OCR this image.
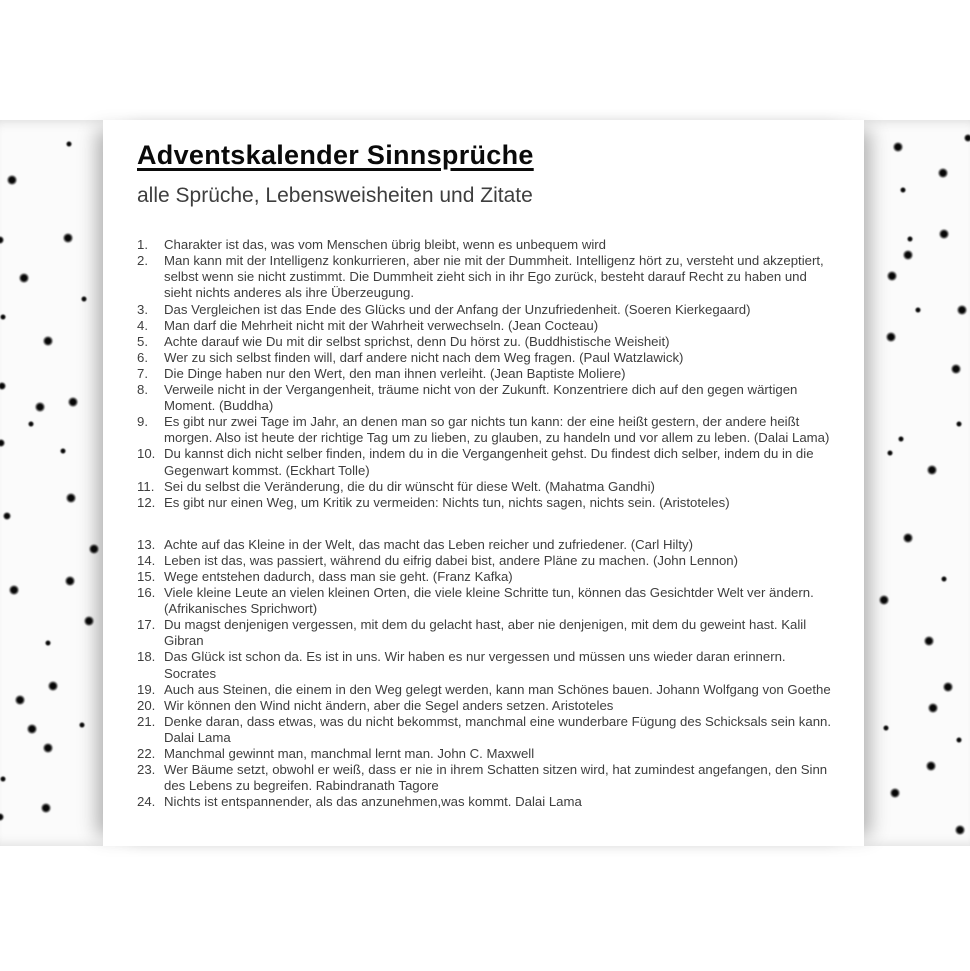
Adventskalender Sinnsprüche
alle Sprüche, Lebensweisheiten und Zitate
1.	Charakter ist das, was vom Menschen übrig bleibt, wenn es unbequem wird
2.	Man kann mit der Intelligenz konkurrieren, aber nie mit der Dummheit. Intelligenz hört zu, versteht und akzeptiert, selbst wenn sie nicht zustimmt. Die Dummheit zieht sich in ihr Ego zurück, besteht darauf Recht zu haben und sieht nichts anderes als ihre Überzeugung.
3.	Das Vergleichen ist das Ende des Glücks und der Anfang der Unzufriedenheit. (Soeren Kierkegaard)
4.	Man darf die Mehrheit nicht mit der Wahrheit verwechseln. (Jean Cocteau)
5.	Achte darauf wie Du mit dir selbst sprichst, denn Du hörst zu. (Buddhistische Weisheit)
6.	Wer zu sich selbst finden will, darf andere nicht nach dem Weg fragen. (Paul Watzlawick)
7.	Die Dinge haben nur den Wert, den man ihnen verleiht. (Jean Baptiste Moliere)
8.	Verweile nicht in der Vergangenheit, träume nicht von der Zukunft. Konzentriere dich auf den gegen wärtigen Moment. (Buddha)
9.	Es gibt nur zwei Tage im Jahr, an denen man so gar nichts tun kann: der eine heißt gestern, der andere heißt morgen. Also ist heute der richtige Tag um zu lieben, zu glauben, zu handeln und vor allem zu leben. (Dalai Lama)
10. Du kannst dich nicht selber finden, indem du in die Vergangenheit gehst. Du findest dich selber, indem du in die Gegenwart kommst. (Eckhart Tolle)
11. Sei du selbst die Veränderung, die du dir wünscht für diese Welt. (Mahatma Gandhi)
12. Es gibt nur einen Weg, um Kritik zu vermeiden: Nichts tun, nichts sagen, nichts sein. (Aristoteles)
13. Achte auf das Kleine in der Welt, das macht das Leben reicher und zufriedener. (Carl Hilty)
14. Leben ist das, was passiert, während du eifrig dabei bist, andere Pläne zu machen. (John Lennon)
15. Wege entstehen dadurch, dass man sie geht. (Franz Kafka)
16. Viele kleine Leute an vielen kleinen Orten, die viele kleine Schritte tun, können das Gesichtder Welt ver ändern. (Afrikanisches Sprichwort)
17. Du magst denjenigen vergessen, mit dem du gelacht hast, aber nie denjenigen, mit dem du geweint hast. Kalil Gibran
18. Das Glück ist schon da. Es ist in uns. Wir haben es nur vergessen und müssen uns wieder daran erinnern. Socrates
19. Auch aus Steinen, die einem in den Weg gelegt werden, kann man Schönes bauen. Johann Wolfgang von Goethe
20. Wir können den Wind nicht ändern, aber die Segel anders setzen. Aristoteles
21. Denke daran, dass etwas, was du nicht bekommst, manchmal eine wunderbare Fügung des Schicksals sein kann. Dalai Lama
22. Manchmal gewinnt man, manchmal lernt man. John C. Maxwell
23. Wer Bäume setzt, obwohl er weiß, dass er nie in ihrem Schatten sitzen wird, hat zumindest angefangen, den Sinn des Lebens zu begreifen. Rabindranath Tagore
24. Nichts ist entspannender, als das anzunehmen,was kommt. Dalai Lama
